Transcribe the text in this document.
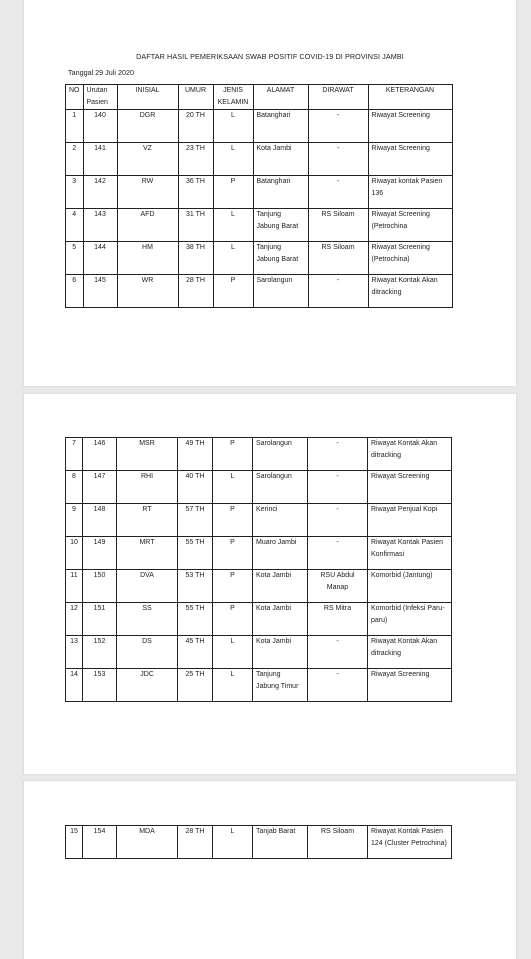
DAFTAR HASIL PEMERIKSAAN SWAB POSITIF COVID-19 DI PROVINSI JAMBI
Tanggal 29 Juli 2020
NO	Urutan Pasien	INISIAL	UMUR	JENIS KELAMIN	ALAMAT	DIRAWAT	KETERANGAN
1	140	DGR	20 TH	L	Batanghari	-	Riwayat Screening
2	141	VZ	23 TH	L	Kota Jambi	-	Riwayat Screening
3	142	RW	36 TH	P	Batanghari	-	Riwayat kontak Pasien 136
4	143	AFD	31 TH	L	Tanjung Jabung Barat	RS Siloam	Riwayat Screening (Petrochina
5	144	HM	38 TH	L	Tanjung Jabung Barat	RS Siloam	Riwayat Screening (Petrochina)
6	145	WR	28 TH	P	Sarolangun	-	Riwayat Kontak Akan ditracking
7	146	MSR	49 TH	P	Sarolangun	-	Riwayat Kontak Akan ditracking
8	147	RHI	40 TH	L	Sarolangun	-	Riwayat Screening
9	148	RT	57 TH	P	Kerinci	-	Riwayat Penjual Kopi
10	149	MRT	55 TH	P	Muaro Jambi	-	Riwayat Kontak Pasien Konfirmasi
11	150	DVA	53 TH	P	Kota Jambi	RSU Abdul Manap	Komorbid (Jantung)
12	151	SS	55 TH	P	Kota Jambi	RS Mitra	Komorbid (Infeksi Paru-paru)
13	152	DS	45 TH	L	Kota Jambi	-	Riwayat Kontak Akan ditracking
14	153	JDC	25 TH	L	Tanjung Jabung Timur	-	Riwayat Screening
15	154	MDA	28 TH	L	Tanjab Barat	RS Siloam	Riwayat Kontak Pasien 124 (Cluster Petrochina)
